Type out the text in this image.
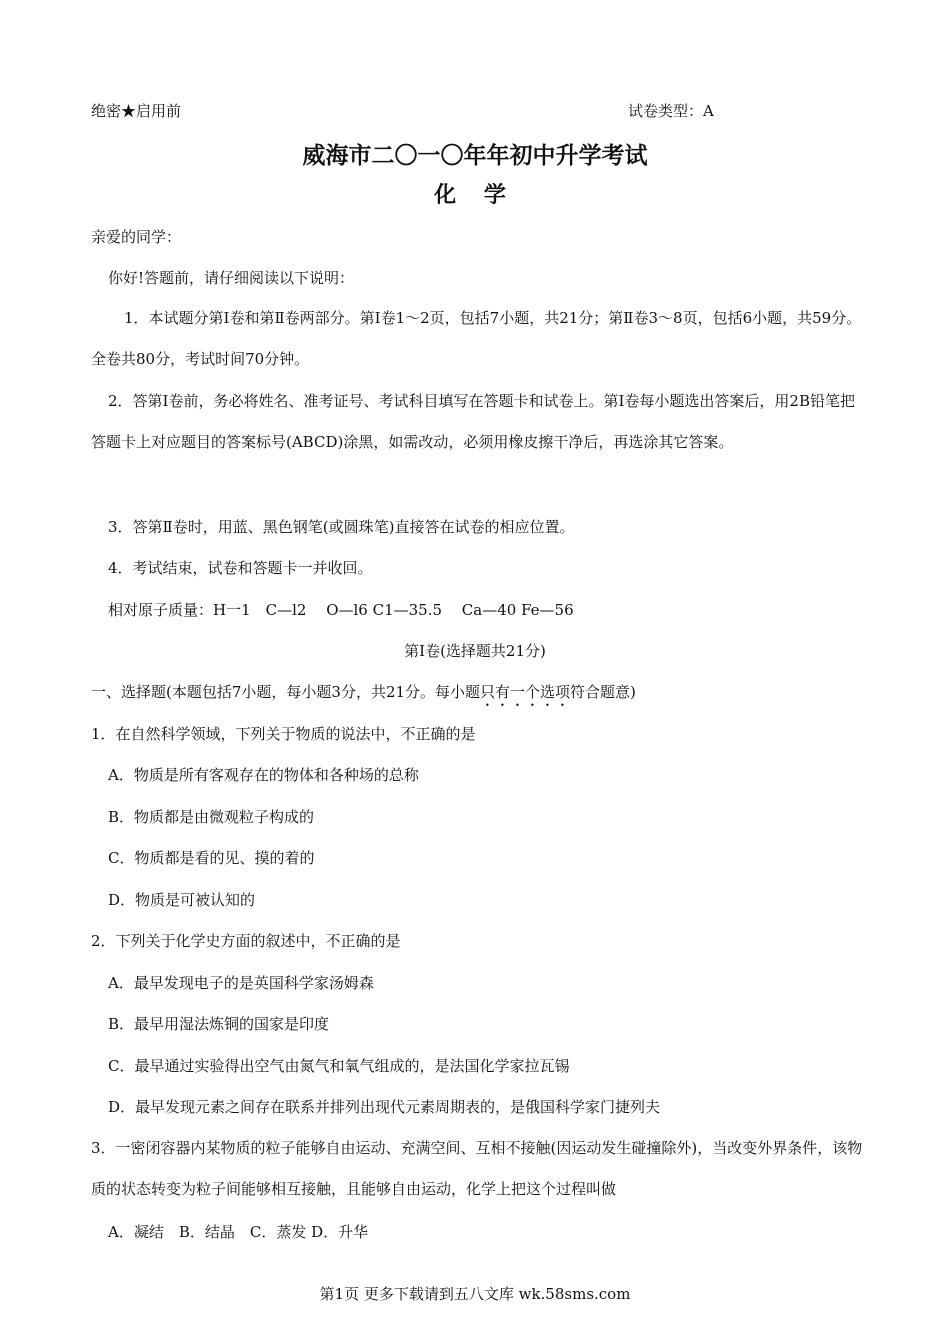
绝密★启用前	试卷类型：A
威海市二〇一〇年年初中升学考试
化 学
亲爱的同学：
你好!答题前，请仔细阅读以下说明：
1．本试题分第Ⅰ卷和第Ⅱ卷两部分。第Ⅰ卷1～2页，包括7小题，共21分；第Ⅱ卷3～8页，包括6小题，共59分。全卷共80分，考试时间70分钟。
2．答第Ⅰ卷前，务必将姓名、准考证号、考试科目填写在答题卡和试卷上。第Ⅰ卷每小题选出答案后，用2B铅笔把答题卡上对应题目的答案标号(ABCD)涂黑，如需改动，必须用橡皮擦干净后，再选涂其它答案。
3．答第Ⅱ卷时，用蓝、黑色钢笔(或圆珠笔)直接答在试卷的相应位置。
4．考试结束，试卷和答题卡一并收回。
相对原子质量：H一1　C—l2　 O—l6 C1—35.5　 Ca—40 Fe—56
第Ⅰ卷(选择题共21分)
一、选择题(本题包括7小题，每小题3分，共21分。每小题只有一个选项符合题意)
1．在自然科学领域，下列关于物质的说法中，不正确的是
A．物质是所有客观存在的物体和各种场的总称
B．物质都是由微观粒子构成的
C．物质都是看的见、摸的着的
D．物质是可被认知的
2．下列关于化学史方面的叙述中，不正确的是
A．最早发现电子的是英国科学家汤姆森
B．最早用湿法炼铜的国家是印度
C．最早通过实验得出空气由氮气和氧气组成的，是法国化学家拉瓦锡
D．最早发现元素之间存在联系并排列出现代元素周期表的，是俄国科学家门捷列夫
3．一密闭容器内某物质的粒子能够自由运动、充满空间、互相不接触(因运动发生碰撞除外)，当改变外界条件，该物质的状态转变为粒子间能够相互接触，且能够自由运动，化学上把这个过程叫做
A．凝结　B．结晶　C．蒸发 D．升华
第1页 更多下载请到五八文库 wk.58sms.com
